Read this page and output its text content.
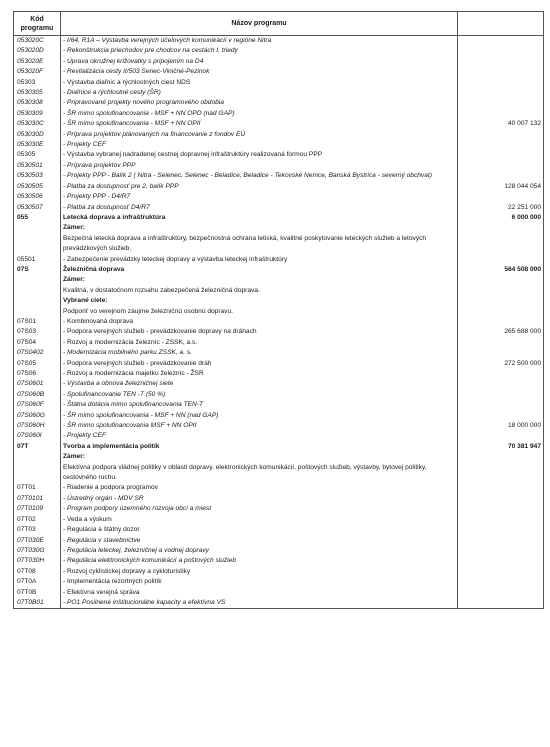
Kód programu	Názov programu	
053020C	- I/64, R1A – Výstavba verejných účelových komunikácií v regióne Nitra	
053020D	- Rekonštrukcia priechodov pre chodcov na cestách I. triedy	
053020E	- Úprava okružnej križovatky s pripojením na D4	
053020F	- Revitalizácia cesty II/503 Senec-Viničné-Pezinok	
05303	- Výstavba diaľnic a rýchlostných ciest NDS	
0530305	- Diaľnice a rýchlostné cesty (ŠR)	
0530308	- Pripravované projekty nového programového obdobia	
0530309	- ŠR mimo spolufinancovania - MSF + NN OPD (nad GAP)	
053030C	- ŠR mimo spolufinancovania - MSF + NN OPII	40 007 132
053030D	- Príprava projektov plánovaných na financovanie z fondov EÚ	
053030E	- Projekty CEF	
05305	- Výstavba vybranej nadradenej cestnej dopravnej infraštruktúry realizovaná formou PPP	
0530501	- Príprava projektov PPP	
0530503	- Projekty PPP - Balík 2 ( Nitra - Selenec, Selenec - Beladice, Beladice - Tekovské Nemce, Banská Bystrica - severný obchvat)	
0530505	- Platba za dostupnosť pre 2. balík PPP	128 044 054
0530506	- Projekty PPP - D4/R7	
0530507	- Platba za dostupnosť D4/R7	22 251 000
055	Letecká doprava a infraštruktúra	6 000 000
	Zámer:	
	Bezpečná letecká doprava a infraštruktúry, bezpečnostná ochrana letiská, kvalitné poskytovanie leteckých služieb a letových prevádzkových služieb.	
05501	- Zabezpečenie prevádzky leteckej dopravy a výstavba leteckej infraštruktúry	
07S	Železničná doprava	564 508 000
	Zámer:	
	Kvalitná, v dostatočnom rozsahu zabezpečená železničná doprava.	
	Vybrané ciele:	
	Podporiť vo verejnom záujme železničnú osobnú dopravu.	
07S01	- Kombinovaná doprava	
07S03	- Podpora verejných služieb - prevádzkovanie dopravy na dráhach	265 688 000
07S04	- Rozvoj a modernizácia železníc - ZSSK, a.s.	
07S0402	- Modernizácia mobilného parku ZSSK, a. s.	
07S05	- Podpora verejných služieb - prevádzkovanie dráh	272 500 000
07S06	- Rozvoj a modernizácia majetku železníc - ŽSR	
07S0601	- Výstavba a obnova železničnej siete	
07S060B	- Spolufinancovanie TEN -T (50 %)	
07S060F	- Štátna dotácia mimo spolufinancovania TEN-T	
07S060G	- ŠR mimo spolufinancovania - MSF + NN (nad GAP)	
07S060H	- ŠR mimo spolufinancovania MSF + NN OPII	18 000 000
07S060I	- Projekty CEF	
07T	Tvorba a implementácia politík	70 381 947
	Zámer:	
	Efektívna podpora vládnej politiky v oblasti dopravy, elektronických komunikácií, poštových služieb, výstavby, bytovej politiky, cestovného ruchu.	
07T01	- Riadenie a podpora programov	
07T0101	- Ústredný orgán - MDV SR	
07T0109	- Program podpory územného rozvoja obcí a miest	
07T02	- Veda a výskum	
07T03	- Regulácia a štátny dozor	
07T030E	- Regulácia v stavebníctve	
07T030G	- Regulácia leteckej, železničnej a vodnej dopravy	
07T030H	- Regulácia elektronických komunikácií a poštových služieb	
07T08	- Rozvoj cyklistickej dopravy a cykloturistiky	
07T0A	- Implementácia rezortných politík	
07T0B	- Efektívna verejná správa	
07T0B01	- PO1 Posilnené inštitucionálne kapacity a efektívna VS	
